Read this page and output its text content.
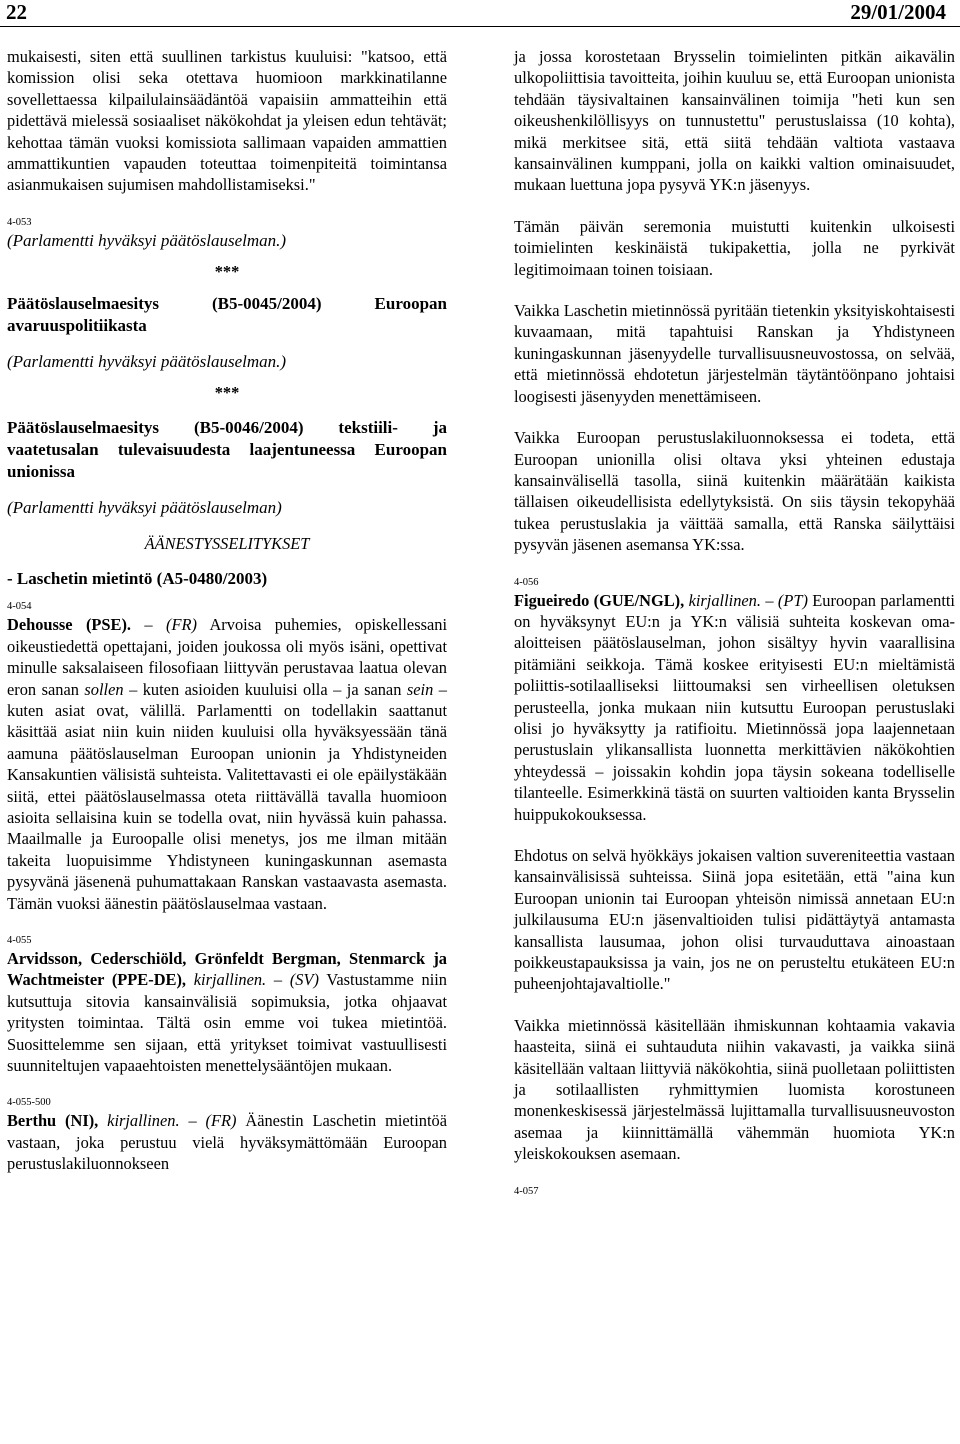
22	29/01/2004

mukaisesti, siten että suullinen tarkistus kuuluisi: "katsoo, että komission olisi seka otettava huomioon markkinatilanne sovellettaessa kilpailulainsäädäntöä vapaisiin ammatteihin että pidettävä mielessä sosiaaliset näkökohdat ja yleisen edun tehtävät; kehottaa tämän vuoksi komissiota sallimaan vapaiden ammattien ammattikuntien vapauden toteuttaa toimenpiteitä toimintansa asianmukaisen sujumisen mahdollistamiseksi."

4-053

(Parlamentti hyväksyi päätöslauselman.)

***

Päätöslauselmaesitys (B5-0045/2004) Euroopan avaruuspolitiikasta

(Parlamentti hyväksyi päätöslauselman.)

***

Päätöslauselmaesitys (B5-0046/2004) tekstiili- ja vaatetusalan tulevaisuudesta laajentuneessa Euroopan unionissa

(Parlamentti hyväksyi päätöslauselman)

ÄÄNESTYSSELITYKSET

- Laschetin mietintö (A5-0480/2003)

4-054

Dehousse (PSE). – (FR) Arvoisa puhemies, opiskellessani oikeustiedettä opettajani, joiden joukossa oli myös isäni, opettivat minulle saksalaiseen filosofiaan liittyvän perustavaa laatua olevan eron sanan sollen – kuten asioiden kuuluisi olla – ja sanan sein – kuten asiat ovat, välillä. Parlamentti on todellakin saattanut käsittää asiat niin kuin niiden kuuluisi olla hyväksyessään tänä aamuna päätöslauselman Euroopan unionin ja Yhdistyneiden Kansakuntien välisistä suhteista. Valitettavasti ei ole epäilystäkään siitä, ettei päätöslauselmassa oteta riittävällä tavalla huomioon asioita sellaisina kuin se todella ovat, niin hyvässä kuin pahassa. Maailmalle ja Euroopalle olisi menetys, jos me ilman mitään takeita luopuisimme Yhdistyneen kuningaskunnan asemasta pysyvänä jäsenenä puhumattakaan Ranskan vastaavasta asemasta. Tämän vuoksi äänestin päätöslauselmaa vastaan.

4-055

Arvidsson, Cederschiöld, Grönfeldt Bergman, Stenmarck ja Wachtmeister (PPE-DE), kirjallinen. – (SV) Vastustamme niin kutsuttuja sitovia kansainvälisiä sopimuksia, jotka ohjaavat yritysten toimintaa. Tältä osin emme voi tukea mietintöä. Suosittelemme sen sijaan, että yritykset toimivat vastuullisesti suunniteltujen vapaaehtoisten menettelysääntöjen mukaan.

4-055-500

Berthu (NI), kirjallinen. – (FR) Äänestin Laschetin mietintöä vastaan, joka perustuu vielä hyväksymättömään Euroopan perustuslakiluonnokseen

ja jossa korostetaan Brysselin toimielinten pitkän aikavälin ulkopoliittisia tavoitteita, joihin kuuluu se, että Euroopan unionista tehdään täysivaltainen kansainvälinen toimija "heti kun sen oikeushenkilöllisyys on tunnustettu" perustuslaissa (10 kohta), mikä merkitsee sitä, että siitä tehdään valtiota vastaava kansainvälinen kumppani, jolla on kaikki valtion ominaisuudet, mukaan luettuna jopa pysyvä YK:n jäsenyys.

Tämän päivän seremonia muistutti kuitenkin ulkoisesti toimielinten keskinäistä tukipakettia, jolla ne pyrkivät legitimoimaan toinen toisiaan.

Vaikka Laschetin mietinnössä pyritään tietenkin yksityiskohtaisesti kuvaamaan, mitä tapahtuisi Ranskan ja Yhdistyneen kuningaskunnan jäsenyydelle turvallisuusneuvostossa, on selvää, että mietinnössä ehdotetun järjestelmän täytäntöönpano johtaisi loogisesti jäsenyyden menettämiseen.

Vaikka Euroopan perustuslakiluonnoksessa ei todeta, että Euroopan unionilla olisi oltava yksi yhteinen edustaja kansainvälisellä tasolla, siinä kuitenkin määrätään kaikista tällaisen oikeudellisista edellytyksistä. On siis täysin tekopyhää tukea perustuslakia ja väittää samalla, että Ranska säilyttäisi pysyvän jäsenen asemansa YK:ssa.

4-056

Figueiredo (GUE/NGL), kirjallinen. – (PT) Euroopan parlamentti on hyväksynyt EU:n ja YK:n välisiä suhteita koskevan oma-aloitteisen päätöslauselman, johon sisältyy hyvin vaarallisina pitämiäni seikkoja. Tämä koskee erityisesti EU:n mieltämistä poliittis-sotilaalliseksi liittoumaksi sen virheellisen oletuksen perusteella, jonka mukaan niin kutsuttu Euroopan perustuslaki olisi jo hyväksytty ja ratifioitu. Mietinnössä jopa laajennetaan perustuslain ylikansallista luonnetta merkittävien näkökohtien yhteydessä – joissakin kohdin jopa täysin sokeana todelliselle tilanteelle. Esimerkkinä tästä on suurten valtioiden kanta Brysselin huippukokouksessa.

Ehdotus on selvä hyökkäys jokaisen valtion suvereniteettia vastaan kansainvälisissä suhteissa. Siinä jopa esitetään, että "aina kun Euroopan unionin tai Euroopan yhteisön nimissä annetaan EU:n julkilausuma EU:n jäsenvaltioiden tulisi pidättäytyä antamasta kansallista lausumaa, johon olisi turvauduttava ainoastaan poikkeustapauksissa ja vain, jos ne on perusteltu etukäteen EU:n puheenjohtajavaltiolle."

Vaikka mietinnössä käsitellään ihmiskunnan kohtaamia vakavia haasteita, siinä ei suhtauduta niihin vakavasti, ja vaikka siinä käsitellään valtaan liittyviä näkökohtia, siinä puolletaan poliittisten ja sotilaallisten ryhmittymien luomista korostuneen monenkeskisessä järjestelmässä lujittamalla turvallisuusneuvoston asemaa ja kiinnittämällä vähemmän huomiota YK:n yleiskokouksen asemaan.

4-057
